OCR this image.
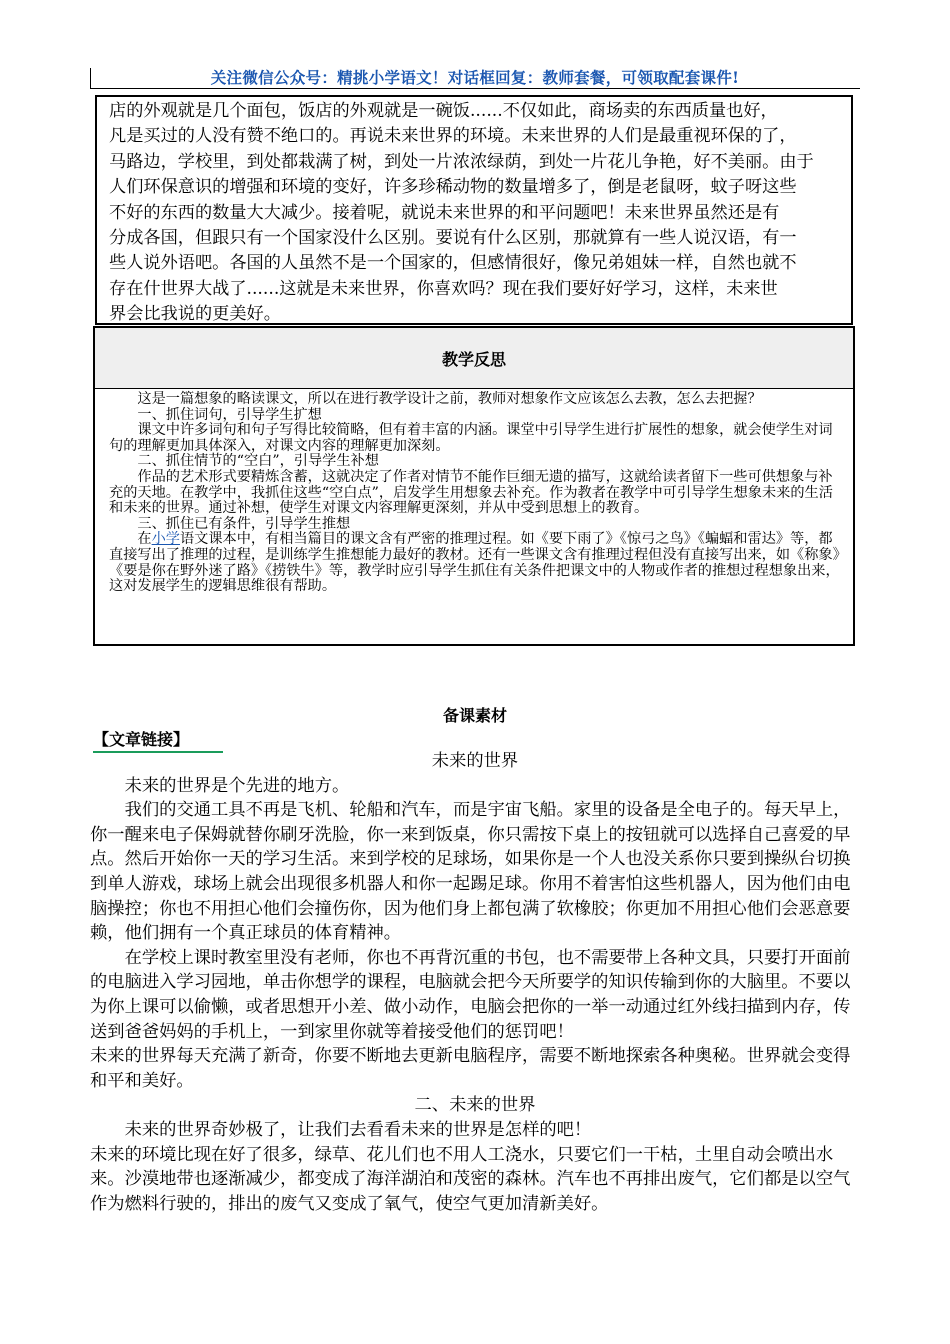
关注微信公众号：精挑小学语文！对话框回复：教师套餐，可领取配套课件!

店的外观就是几个面包，饭店的外观就是一碗饭......不仅如此，商场卖的东西质量也好，

凡是买过的人没有赞不绝口的。再说未来世界的环境。未来世界的人们是最重视环保的了，

马路边，学校里，到处都栽满了树，到处一片浓浓绿荫，到处一片花儿争艳，好不美丽。由于

人们环保意识的增强和环境的变好，许多珍稀动物的数量增多了，倒是老鼠呀，蚊子呀这些

不好的东西的数量大大减少。接着呢，就说未来世界的和平问题吧！未来世界虽然还是有

分成各国，但跟只有一个国家没什么区别。要说有什么区别，那就算有一些人说汉语，有一

些人说外语吧。各国的人虽然不是一个国家的，但感情很好，像兄弟姐妹一样，自然也就不

存在什世界大战了......这就是未来世界，你喜欢吗？现在我们要好好学习，这样，未来世

界会比我说的更美好。

教学反思

这是一篇想象的略读课文，所以在进行教学设计之前，教师对想象作文应该怎么去教，怎么去把握？

一、抓住词句，引导学生扩想

课文中许多词句和句子写得比较简略，但有着丰富的内涵。课堂中引导学生进行扩展性的想象，就会使学生对词句的理解更加具体深入，对课文内容的理解更加深刻。

二、抓住情节的“空白”，引导学生补想

作品的艺术形式要精炼含蓄，这就决定了作者对情节不能作巨细无遗的描写，这就给读者留下一些可供想象与补充的天地。在教学中，我抓住这些“空白点”，启发学生用想象去补充。作为教者在教学中可引导学生想象未来的生活和未来的世界。通过补想，使学生对课文内容理解更深刻，并从中受到思想上的教育。

三、抓住已有条件，引导学生推想

在小学语文课本中，有相当篇目的课文含有严密的推理过程。如《要下雨了》《惊弓之鸟》《蝙蝠和雷达》等，都直接写出了推理的过程，是训练学生推想能力最好的教材。还有一些课文含有推理过程但没有直接写出来，如《称象》《要是你在野外迷了路》《捞铁牛》等，教学时应引导学生抓住有关条件把课文中的人物或作者的推想过程想象出来，这对发展学生的逻辑思维很有帮助。

备课素材
【文章链接】

未来的世界

未来的世界是个先进的地方。

我们的交通工具不再是飞机、轮船和汽车，而是宇宙飞船。家里的设备是全电子的。每天早上，你一醒来电子保姆就替你刷牙洗脸，你一来到饭桌，你只需按下桌上的按钮就可以选择自己喜爱的早点。然后开始你一天的学习生活。来到学校的足球场，如果你是一个人也没关系你只要到操纵台切换到单人游戏，球场上就会出现很多机器人和你一起踢足球。你用不着害怕这些机器人，因为他们由电脑操控；你也不用担心他们会撞伤你，因为他们身上都包满了软橡胶；你更加不用担心他们会恶意要赖，他们拥有一个真正球员的体育精神。

在学校上课时教室里没有老师，你也不再背沉重的书包，也不需要带上各种文具，只要打开面前的电脑进入学习园地，单击你想学的课程，电脑就会把今天所要学的知识传输到你的大脑里。不要以为你上课可以偷懒，或者思想开小差、做小动作，电脑会把你的一举一动通过红外线扫描到内存，传送到爸爸妈妈的手机上，一到家里你就等着接受他们的惩罚吧！

未来的世界每天充满了新奇，你要不断地去更新电脑程序，需要不断地探索各种奥秘。世界就会变得和平和美好。

二、未来的世界

未来的世界奇妙极了，让我们去看看未来的世界是怎样的吧！

未来的环境比现在好了很多，绿草、花儿们也不用人工浇水，只要它们一干枯，土里自动会喷出水来。沙漠地带也逐渐减少，都变成了海洋湖泊和茂密的森林。汽车也不再排出废气，它们都是以空气作为燃料行驶的，排出的废气又变成了氧气，使空气更加清新美好。
